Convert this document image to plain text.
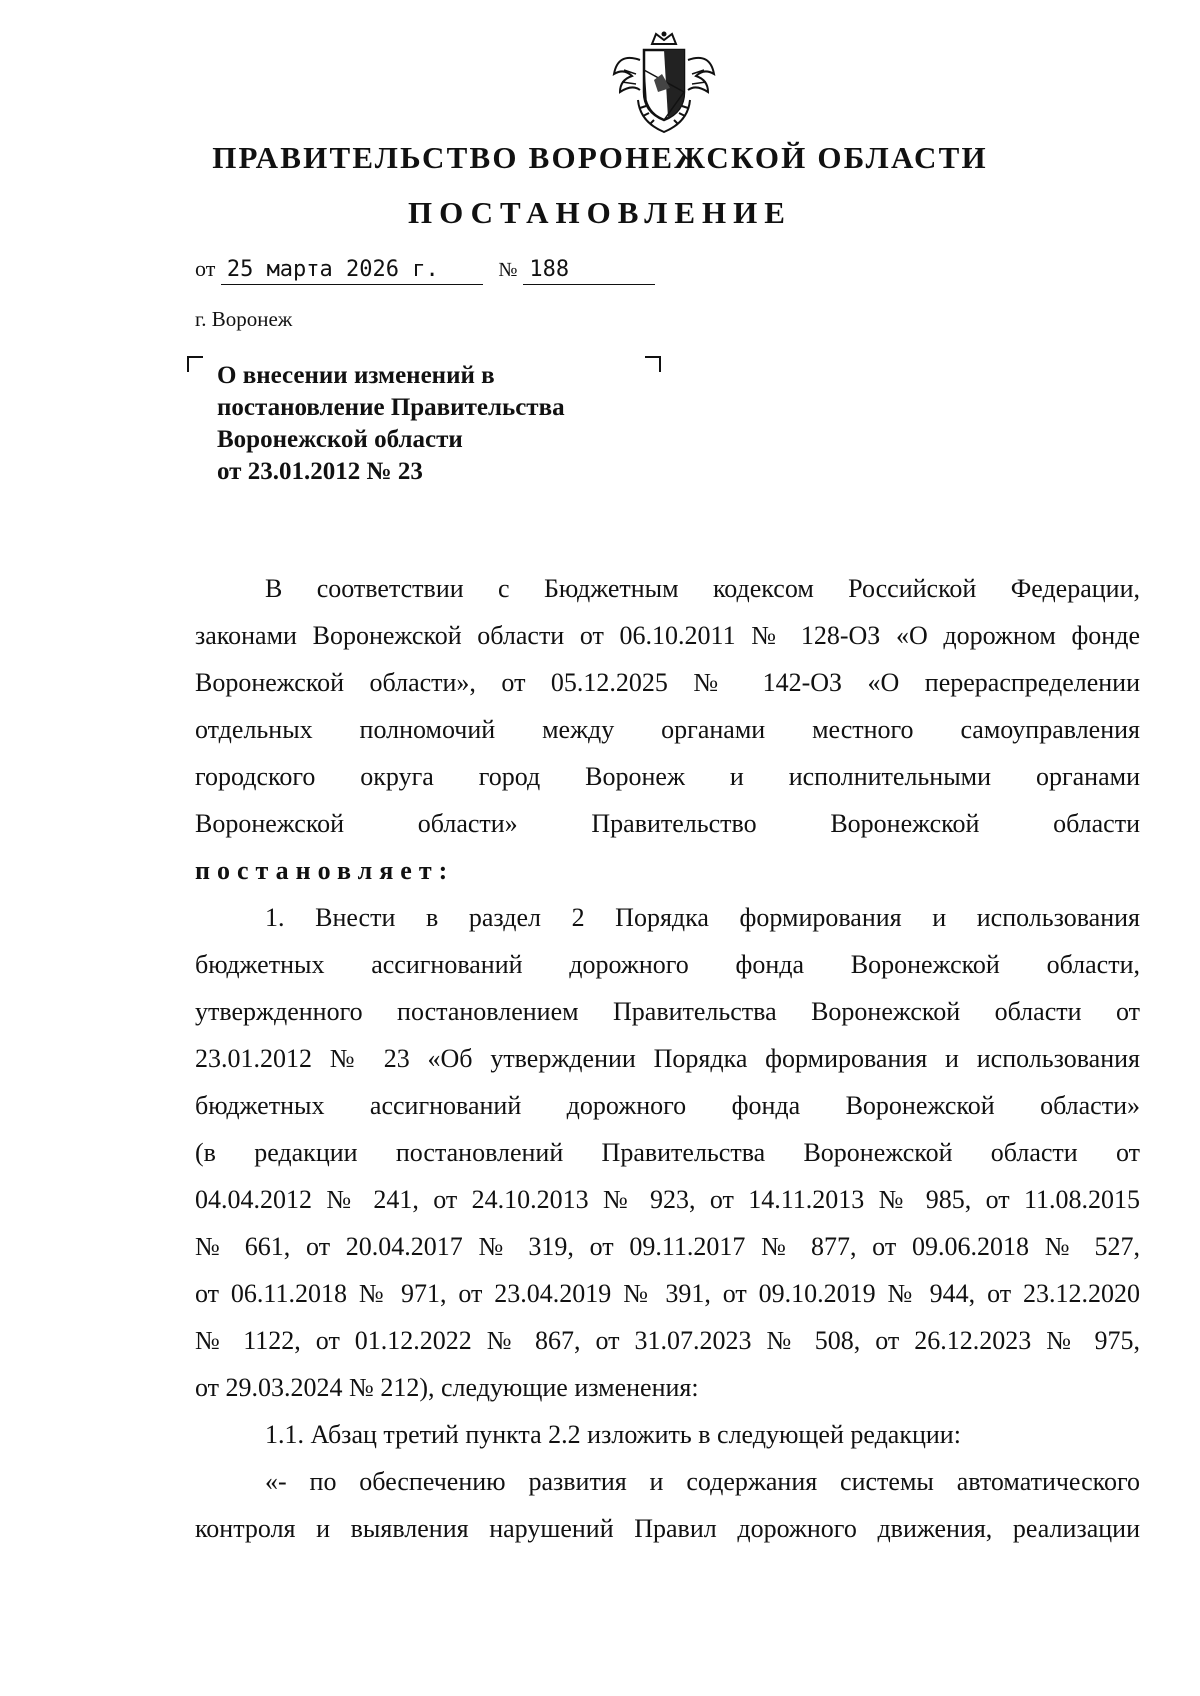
ПРАВИТЕЛЬСТВО ВОРОНЕЖСКОЙ ОБЛАСТИ
ПОСТАНОВЛЕНИЕ
от 25 марта 2026 г.	№ 188
г. Воронеж
О внесении изменений в
постановление Правительства
Воронежской области
от 23.01.2012 № 23
В соответствии с Бюджетным кодексом Российской Федерации,
законами Воронежской области от 06.10.2011 № 128-ОЗ «О дорожном фонде
Воронежской области», от 05.12.2025 № 142-ОЗ «О перераспределении
отдельных полномочий между органами местного самоуправления
городского округа город Воронеж и исполнительными органами
Воронежской области» Правительство Воронежской области
постановляет:
1. Внести в раздел 2 Порядка формирования и использования
бюджетных ассигнований дорожного фонда Воронежской области,
утвержденного постановлением Правительства Воронежской области от
23.01.2012 № 23 «Об утверждении Порядка формирования и использования
бюджетных ассигнований дорожного фонда Воронежской области»
(в редакции постановлений Правительства Воронежской области от
04.04.2012 № 241, от 24.10.2013 № 923, от 14.11.2013 № 985, от 11.08.2015
№ 661, от 20.04.2017 № 319, от 09.11.2017 № 877, от 09.06.2018 № 527,
от 06.11.2018 № 971, от 23.04.2019 № 391, от 09.10.2019 № 944, от 23.12.2020
№ 1122, от 01.12.2022 № 867, от 31.07.2023 № 508, от 26.12.2023 № 975,
от 29.03.2024 № 212), следующие изменения:
1.1. Абзац третий пункта 2.2 изложить в следующей редакции:
«- по обеспечению развития и содержания системы автоматического
контроля и выявления нарушений Правил дорожного движения, реализации
